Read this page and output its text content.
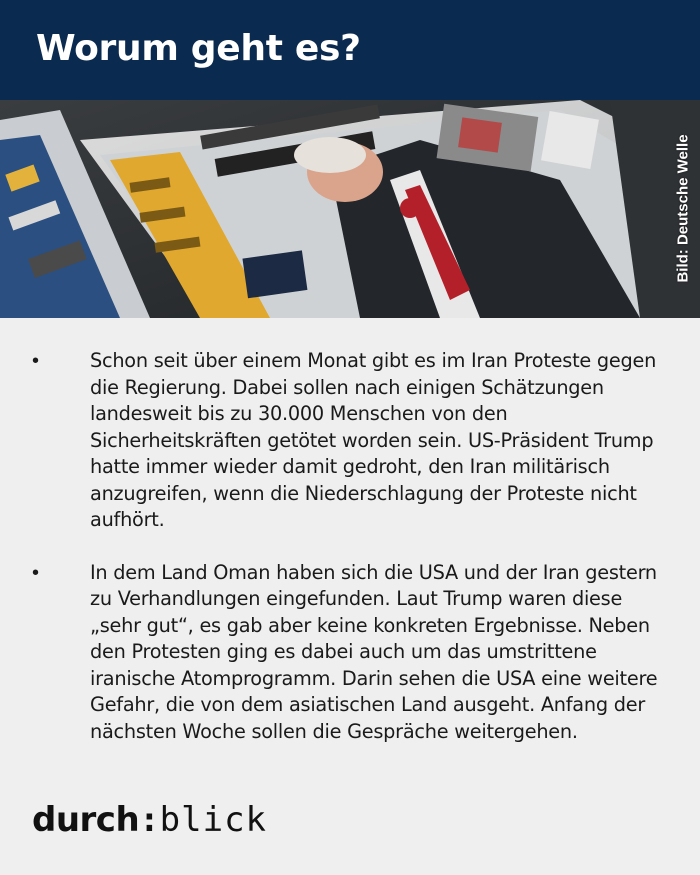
Worum geht es?
Bild: Deutsche Welle
•	Schon seit über einem Monat gibt es im Iran Proteste gegen die Regierung. Dabei sollen nach einigen Schätzungen landesweit bis zu 30.000 Menschen von den Sicherheitskräften getötet worden sein. US-Präsident Trump hatte immer wieder damit gedroht, den Iran militärisch anzugreifen, wenn die Niederschlagung der Proteste nicht aufhört.

•	In dem Land Oman haben sich die USA und der Iran gestern zu Verhandlungen eingefunden. Laut Trump waren diese „sehr gut“, es gab aber keine konkreten Ergebnisse. Neben den Protesten ging es dabei auch um das umstrittene iranische Atomprogramm. Darin sehen die USA eine weitere Gefahr, die von dem asiatischen Land ausgeht. Anfang der nächsten Woche sollen die Gespräche weitergehen.

durch:blick
